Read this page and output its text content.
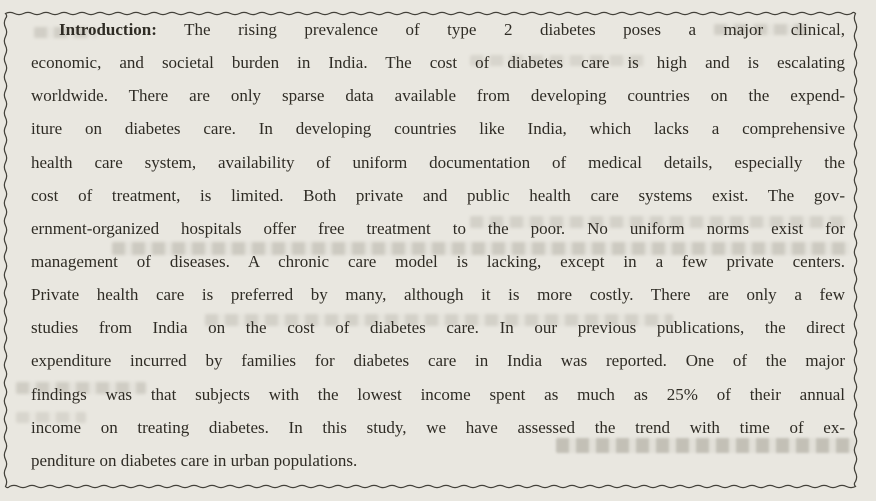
Introduction: The rising prevalence of type 2 diabetes poses a major clinical,
economic, and societal burden in India. The cost of diabetes care is high and is escalating
worldwide. There are only sparse data available from developing countries on the expend-
iture on diabetes care. In developing countries like India, which lacks a comprehensive
health care system, availability of uniform documentation of medical details, especially the
cost of treatment, is limited. Both private and public health care systems exist. The gov-
ernment-organized hospitals offer free treatment to the poor. No uniform norms exist for
management of diseases. A chronic care model is lacking, except in a few private centers.
Private health care is preferred by many, although it is more costly. There are only a few
studies from India on the cost of diabetes care. In our previous publications, the direct
expenditure incurred by families for diabetes care in India was reported. One of the major
findings was that subjects with the lowest income spent as much as 25% of their annual
income on treating diabetes. In this study, we have assessed the trend with time of ex-
penditure on diabetes care in urban populations.
